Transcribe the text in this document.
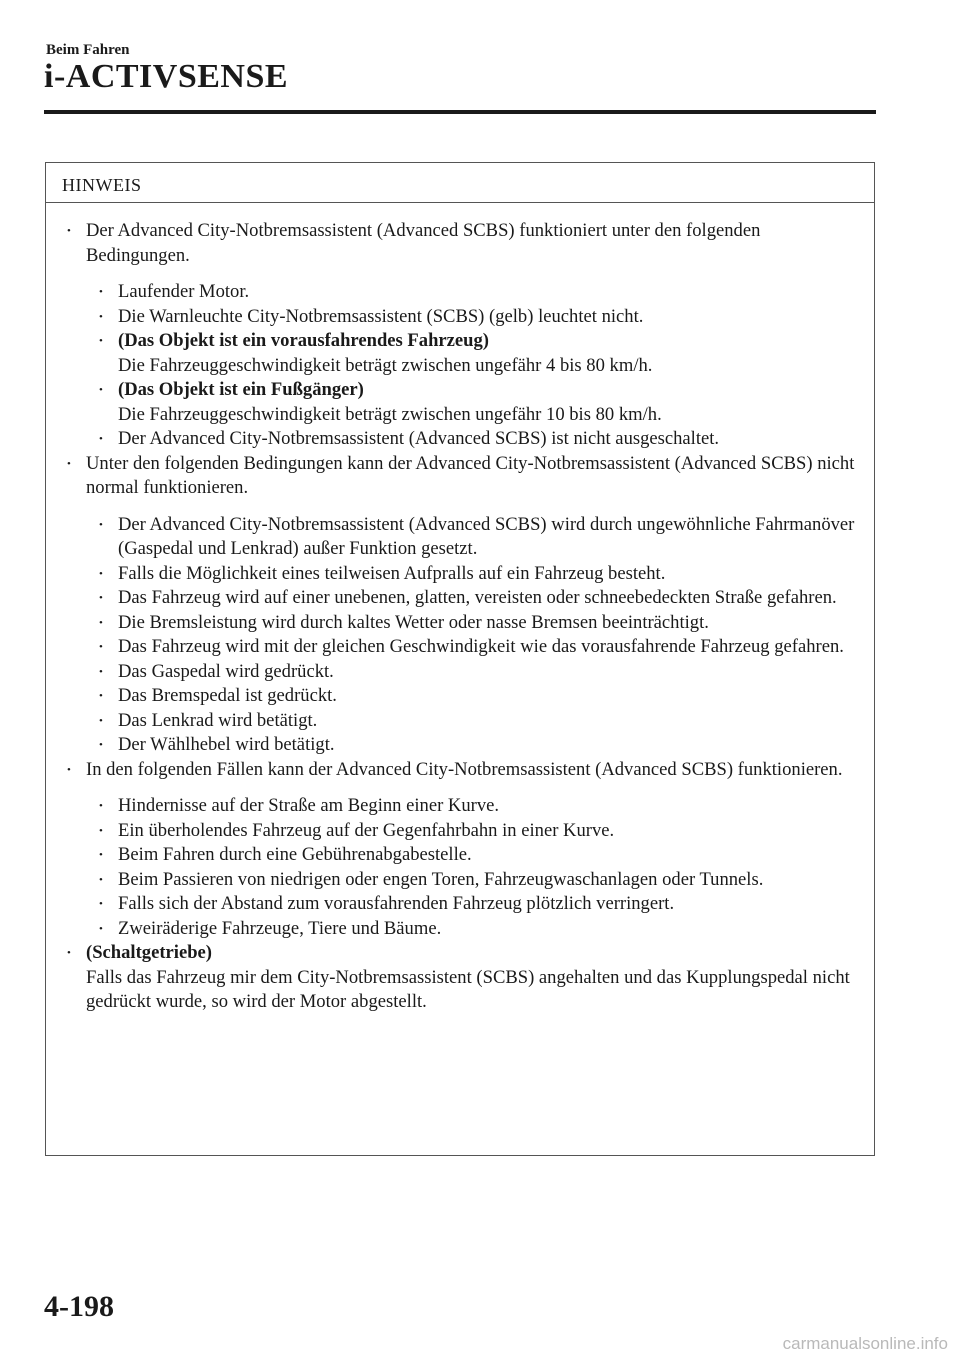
Beim Fahren
i-ACTIVSENSE
HINWEIS
• Der Advanced City-Notbremsassistent (Advanced SCBS) funktioniert unter den folgenden Bedingungen.
• Laufender Motor.
• Die Warnleuchte City-Notbremsassistent (SCBS) (gelb) leuchtet nicht.
• (Das Objekt ist ein vorausfahrendes Fahrzeug)
Die Fahrzeuggeschwindigkeit beträgt zwischen ungefähr 4 bis 80 km/h.
• (Das Objekt ist ein Fußgänger)
Die Fahrzeuggeschwindigkeit beträgt zwischen ungefähr 10 bis 80 km/h.
• Der Advanced City-Notbremsassistent (Advanced SCBS) ist nicht ausgeschaltet.
• Unter den folgenden Bedingungen kann der Advanced City-Notbremsassistent (Advanced SCBS) nicht normal funktionieren.
• Der Advanced City-Notbremsassistent (Advanced SCBS) wird durch ungewöhnliche Fahrmanöver (Gaspedal und Lenkrad) außer Funktion gesetzt.
• Falls die Möglichkeit eines teilweisen Aufpralls auf ein Fahrzeug besteht.
• Das Fahrzeug wird auf einer unebenen, glatten, vereisten oder schneebedeckten Straße gefahren.
• Die Bremsleistung wird durch kaltes Wetter oder nasse Bremsen beeinträchtigt.
• Das Fahrzeug wird mit der gleichen Geschwindigkeit wie das vorausfahrende Fahrzeug gefahren.
• Das Gaspedal wird gedrückt.
• Das Bremspedal ist gedrückt.
• Das Lenkrad wird betätigt.
• Der Wählhebel wird betätigt.
• In den folgenden Fällen kann der Advanced City-Notbremsassistent (Advanced SCBS) funktionieren.
• Hindernisse auf der Straße am Beginn einer Kurve.
• Ein überholendes Fahrzeug auf der Gegenfahrbahn in einer Kurve.
• Beim Fahren durch eine Gebührenabgabestelle.
• Beim Passieren von niedrigen oder engen Toren, Fahrzeugwaschanlagen oder Tunnels.
• Falls sich der Abstand zum vorausfahrenden Fahrzeug plötzlich verringert.
• Zweiräderige Fahrzeuge, Tiere und Bäume.
• (Schaltgetriebe)
Falls das Fahrzeug mir dem City-Notbremsassistent (SCBS) angehalten und das Kupplungspedal nicht gedrückt wurde, so wird der Motor abgestellt.
4-198
carmanualsonline.info
